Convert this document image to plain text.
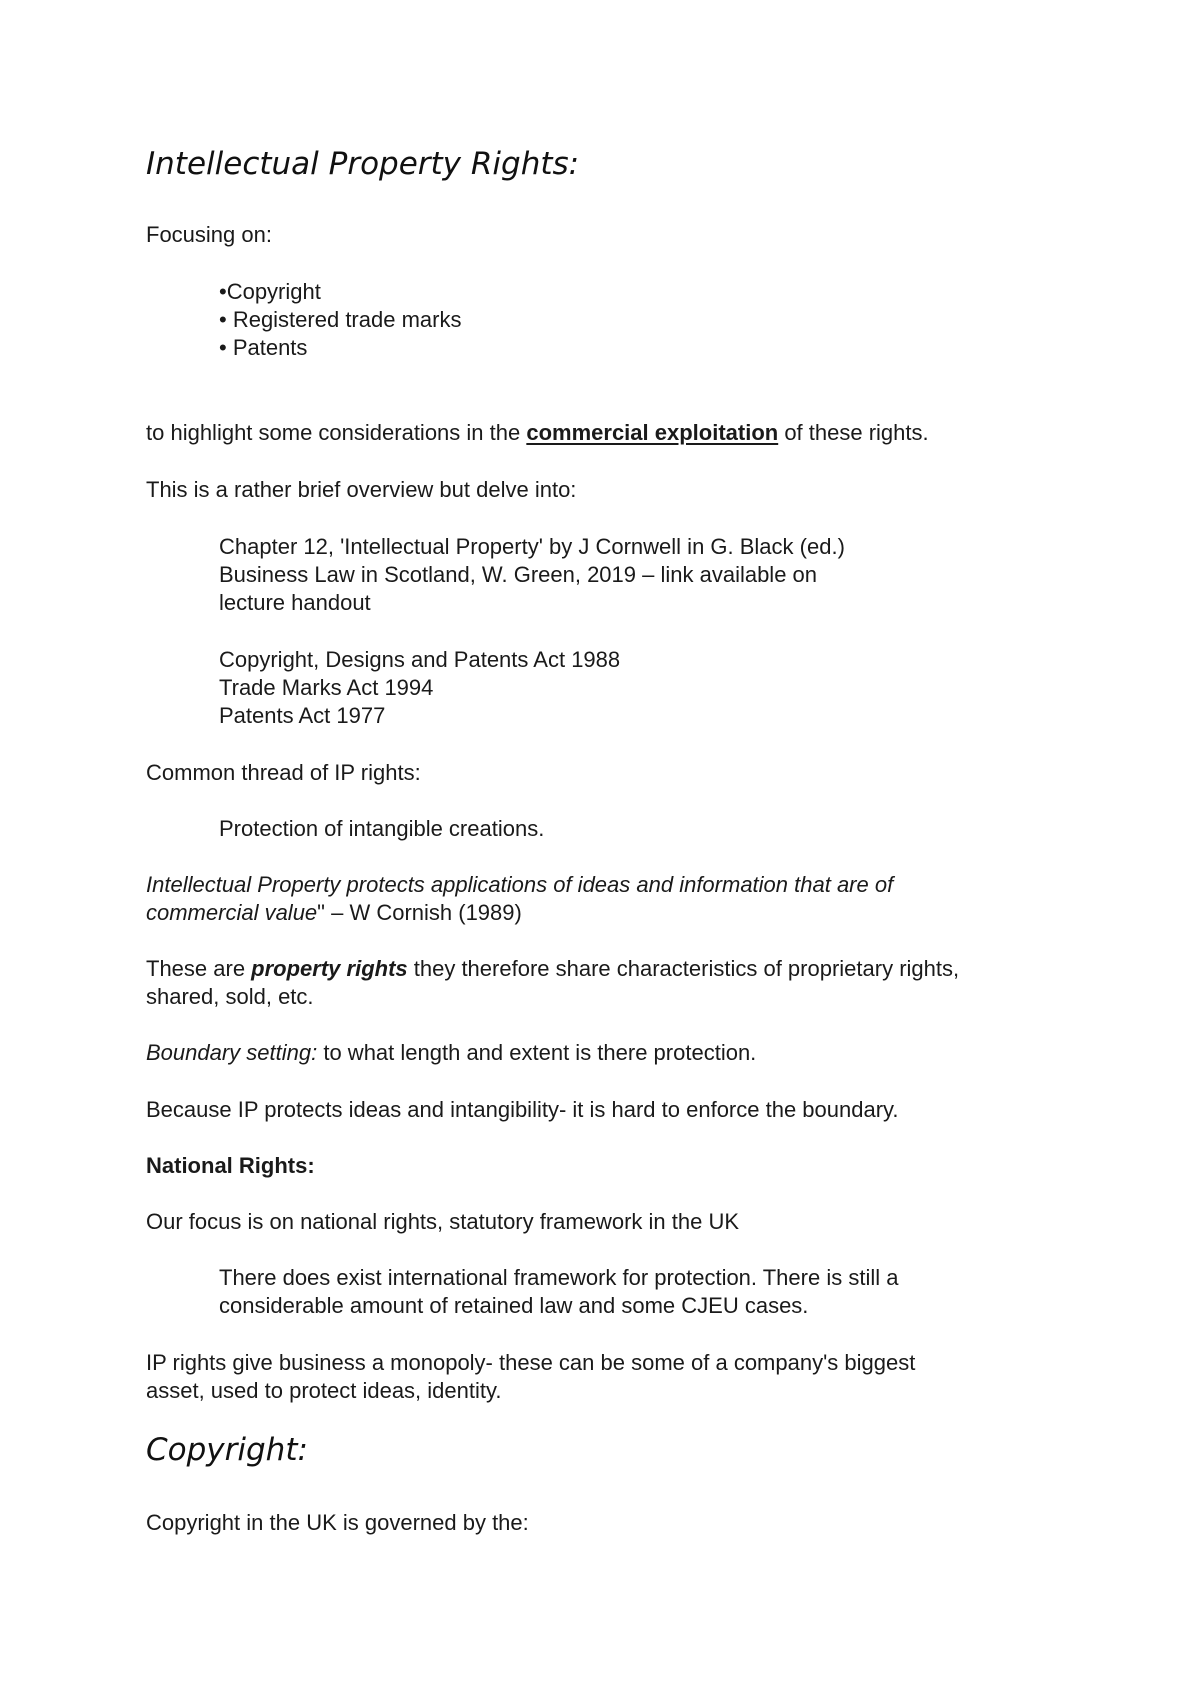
Intellectual Property Rights:
Focusing on:
•Copyright
• Registered trade marks
• Patents
to highlight some considerations in the commercial exploitation of these rights.
This is a rather brief overview but delve into:
Chapter 12, 'Intellectual Property' by J Cornwell in G. Black (ed.)
Business Law in Scotland, W. Green, 2019 – link available on
lecture handout
Copyright, Designs and Patents Act 1988
Trade Marks Act 1994
Patents Act 1977
Common thread of IP rights:
Protection of intangible creations.
Intellectual Property protects applications of ideas and information that are of
commercial value" – W Cornish (1989)
These are property rights they therefore share characteristics of proprietary rights,
shared, sold, etc.
Boundary setting: to what length and extent is there protection.
Because IP protects ideas and intangibility- it is hard to enforce the boundary.
National Rights:
Our focus is on national rights, statutory framework in the UK
There does exist international framework for protection. There is still a
considerable amount of retained law and some CJEU cases.
IP rights give business a monopoly- these can be some of a company's biggest
asset, used to protect ideas, identity.
Copyright:
Copyright in the UK is governed by the:
